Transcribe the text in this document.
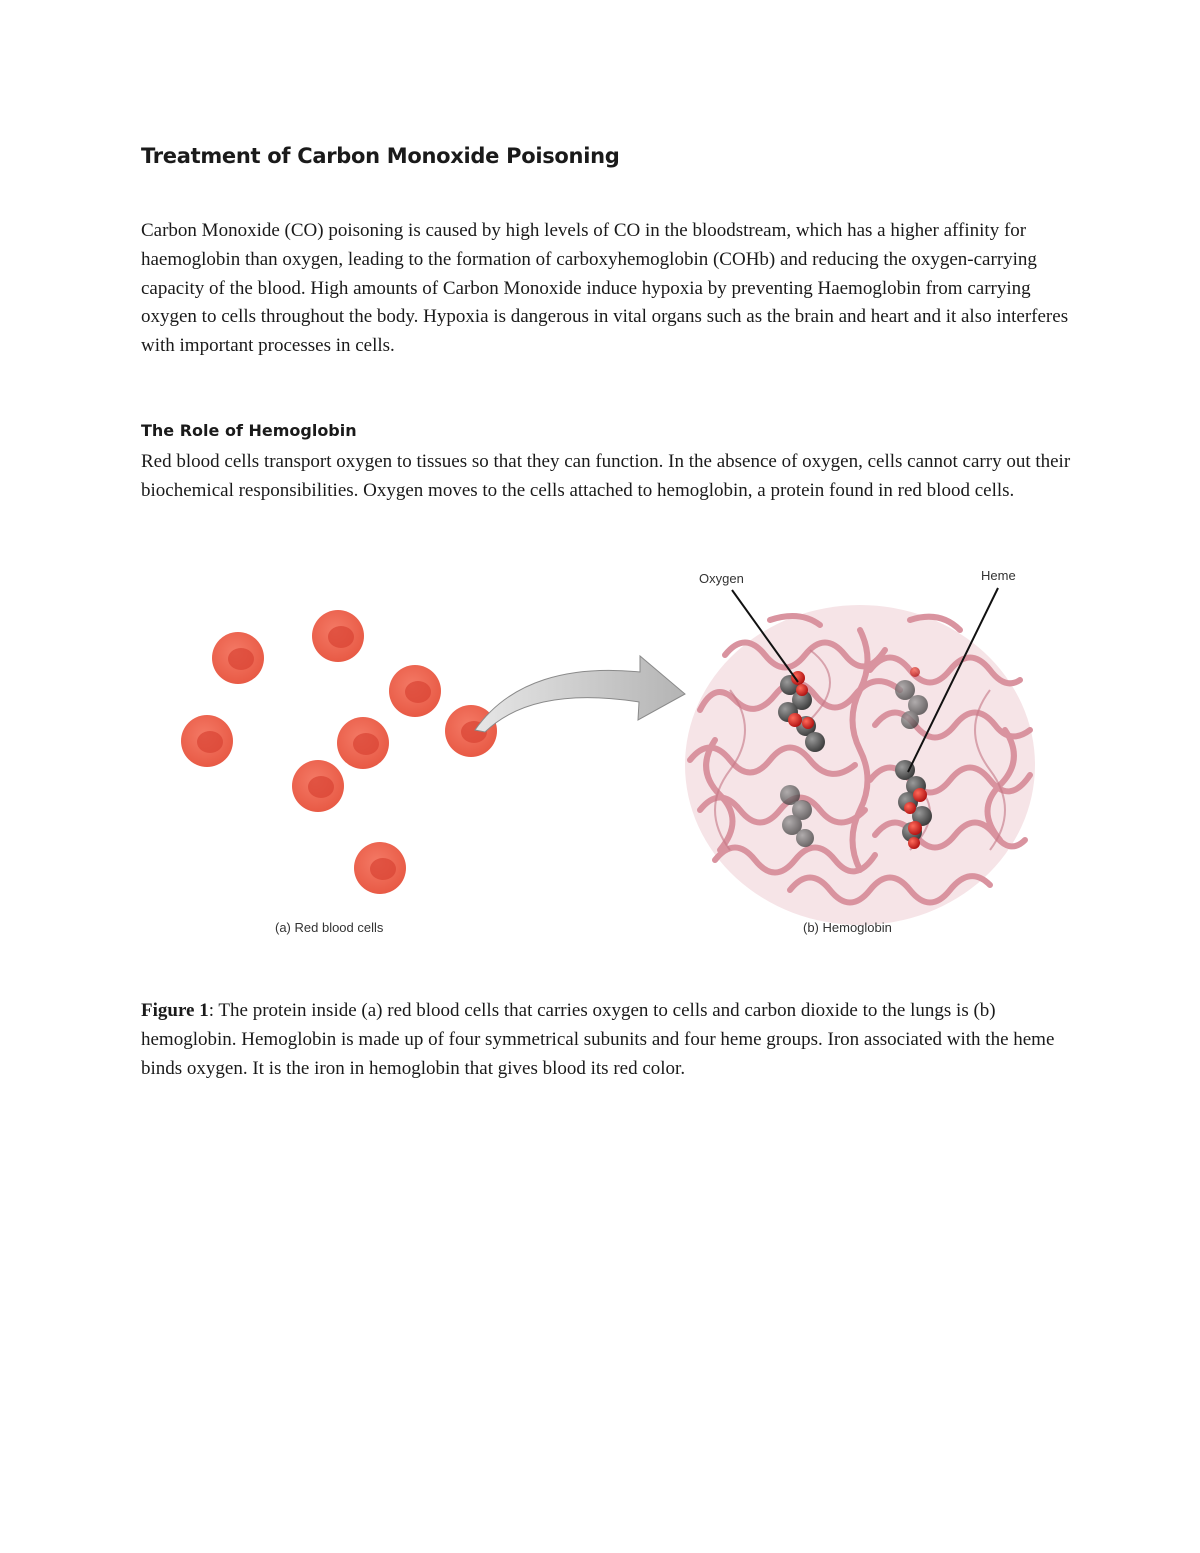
Treatment of Carbon Monoxide Poisoning

Carbon Monoxide (CO) poisoning is caused by high levels of CO in the bloodstream, which has a higher affinity for haemoglobin than oxygen, leading to the formation of carboxyhemoglobin (COHb) and reducing the oxygen-carrying capacity of the blood. High amounts of Carbon Monoxide induce hypoxia by preventing Haemoglobin from carrying oxygen to cells throughout the body. Hypoxia is dangerous in vital organs such as the brain and heart and it also interferes with important processes in cells.

The Role of Hemoglobin

Red blood cells transport oxygen to tissues so that they can function. In the absence of oxygen, cells cannot carry out their biochemical responsibilities. Oxygen moves to the cells attached to hemoglobin, a protein found in red blood cells.

Figure 1: The protein inside (a) red blood cells that carries oxygen to cells and carbon dioxide to the lungs is (b) hemoglobin. Hemoglobin is made up of four symmetrical subunits and four heme groups. Iron associated with the heme binds oxygen. It is the iron in hemoglobin that gives blood its red color.

Oxygen	Heme
(a) Red blood cells	(b) Hemoglobin
